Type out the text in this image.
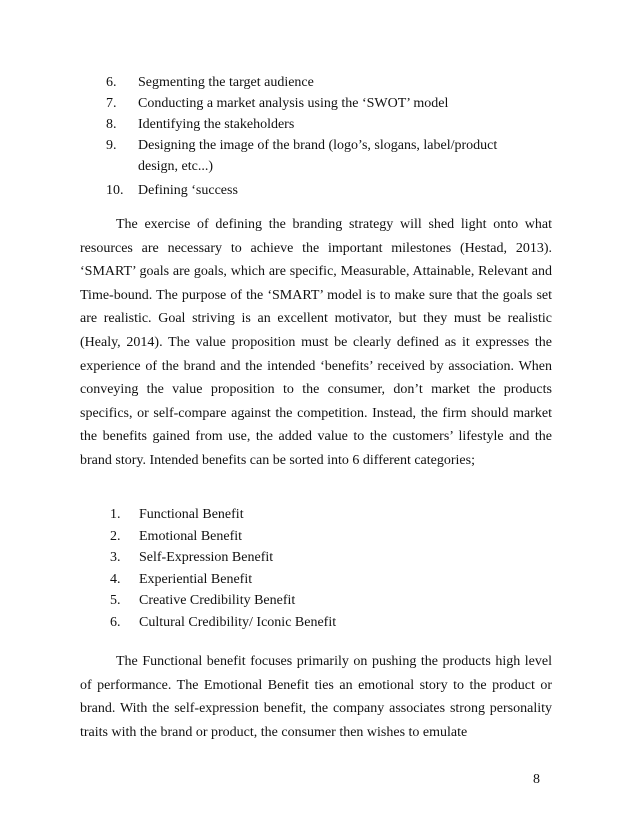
6.	Segmenting the target audience
7.	Conducting a market analysis using the ‘SWOT’ model
8.	Identifying the stakeholders
9.	Designing the image of the brand (logo’s, slogans, label/product design, etc...)
10.	Defining ‘success

The exercise of defining the branding strategy will shed light onto what resources are necessary to achieve the important milestones (Hestad, 2013). ‘SMART’ goals are goals, which are specific, Measurable, Attainable, Relevant and Time-bound. The purpose of the ‘SMART’ model is to make sure that the goals set are realistic. Goal striving is an excellent motivator, but they must be realistic (Healy, 2014). The value proposition must be clearly defined as it expresses the experience of the brand and the intended ‘benefits’ received by association. When conveying the value proposition to the consumer, don’t market the products specifics, or self-compare against the competition. Instead, the firm should market the benefits gained from use, the added value to the customers’ lifestyle and the brand story. Intended benefits can be sorted into 6 different categories;

1. Functional Benefit
2. Emotional Benefit
3. Self-Expression Benefit
4. Experiential Benefit
5. Creative Credibility Benefit
6. Cultural Credibility/ Iconic Benefit

The Functional benefit focuses primarily on pushing the products high level of performance. The Emotional Benefit ties an emotional story to the product or brand. With the self-expression benefit, the company associates strong personality traits with the brand or product, the consumer then wishes to emulate

8
